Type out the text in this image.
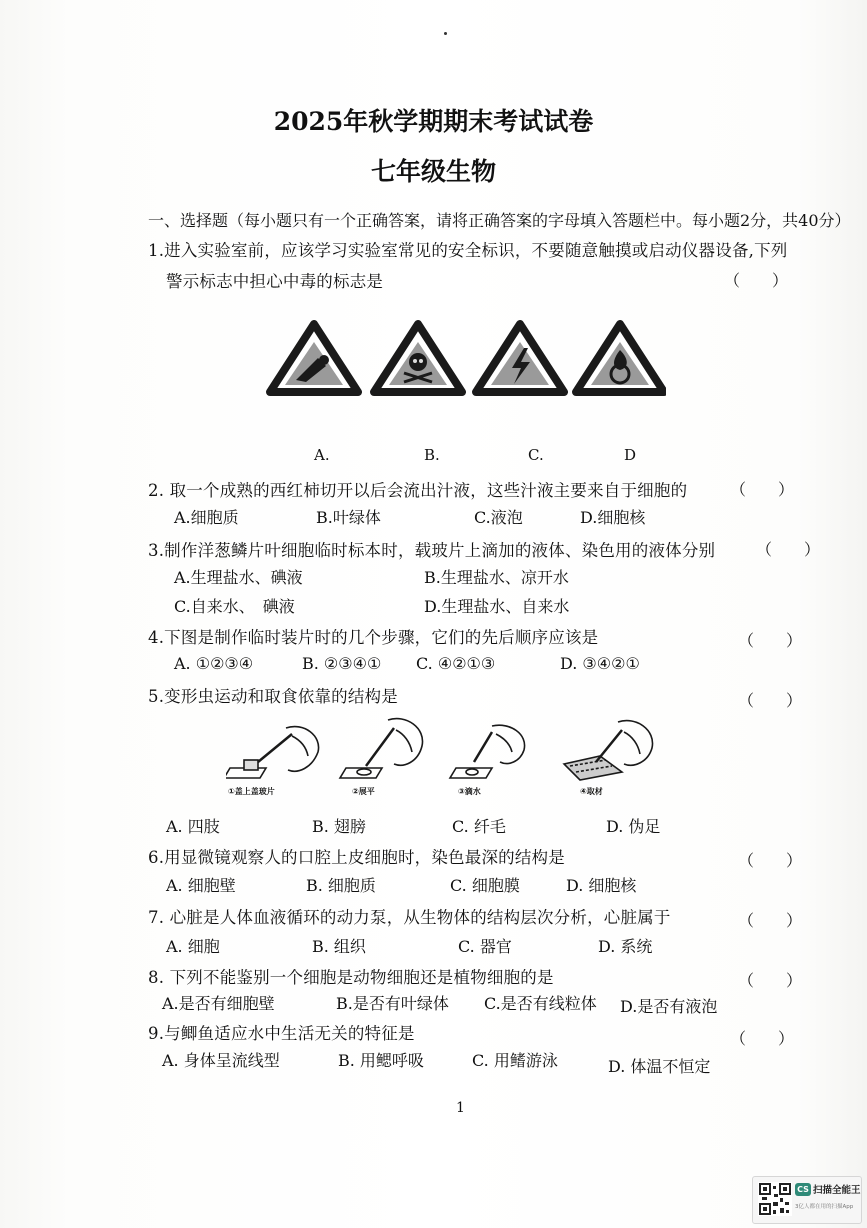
2025年秋学期期末考试试卷
七年级生物
一、选择题（每小题只有一个正确答案，请将正确答案的字母填入答题栏中。每小题2分，共40分）
1.进入实验室前，应该学习实验室常见的安全标识，不要随意触摸或启动仪器设备,下列
警示标志中担心中毒的标志是	（　　）
A.	B.	C.	D
2. 取一个成熟的西红柿切开以后会流出汁液，这些汁液主要来自于细胞的	（　　）
A.细胞质	B.叶绿体	C.液泡	D.细胞核
3.制作洋葱鳞片叶细胞临时标本时，载玻片上滴加的液体、染色用的液体分别	（　　）
A.生理盐水、碘液	B.生理盐水、凉开水
C.自来水、　碘液	D.生理盐水、自来水
4.下图是制作临时装片时的几个步骤，它们的先后顺序应该是	（　　）
A. ①②③④	B. ②③④① C. ④②①③	D. ③④②①
5.变形虫运动和取食依靠的结构是	（　　）
①盖上盖玻片	②展平	③滴水	④取材
A. 四肢	B. 翅膀	C. 纤毛	D. 伪足
6.用显微镜观察人的口腔上皮细胞时，染色最深的结构是	（　　）
A. 细胞壁	B. 细胞质	C. 细胞膜	D. 细胞核
7. 心脏是人体血液循环的动力泵，从生物体的结构层次分析，心脏属于	（　　）
A. 细胞	B. 组织	C. 器官	D. 系统
8. 下列不能鉴别一个细胞是动物细胞还是植物细胞的是	（　　）
A.是否有细胞壁	B.是否有叶绿体 C.是否有线粒体 D.是否有液泡
9.与鲫鱼适应水中生活无关的特征是	（　　）
A. 身体呈流线型	B. 用鳃呼吸	C. 用鳍游泳	D. 体温不恒定
1
CS 扫描全能王
3亿人都在用的扫描App
